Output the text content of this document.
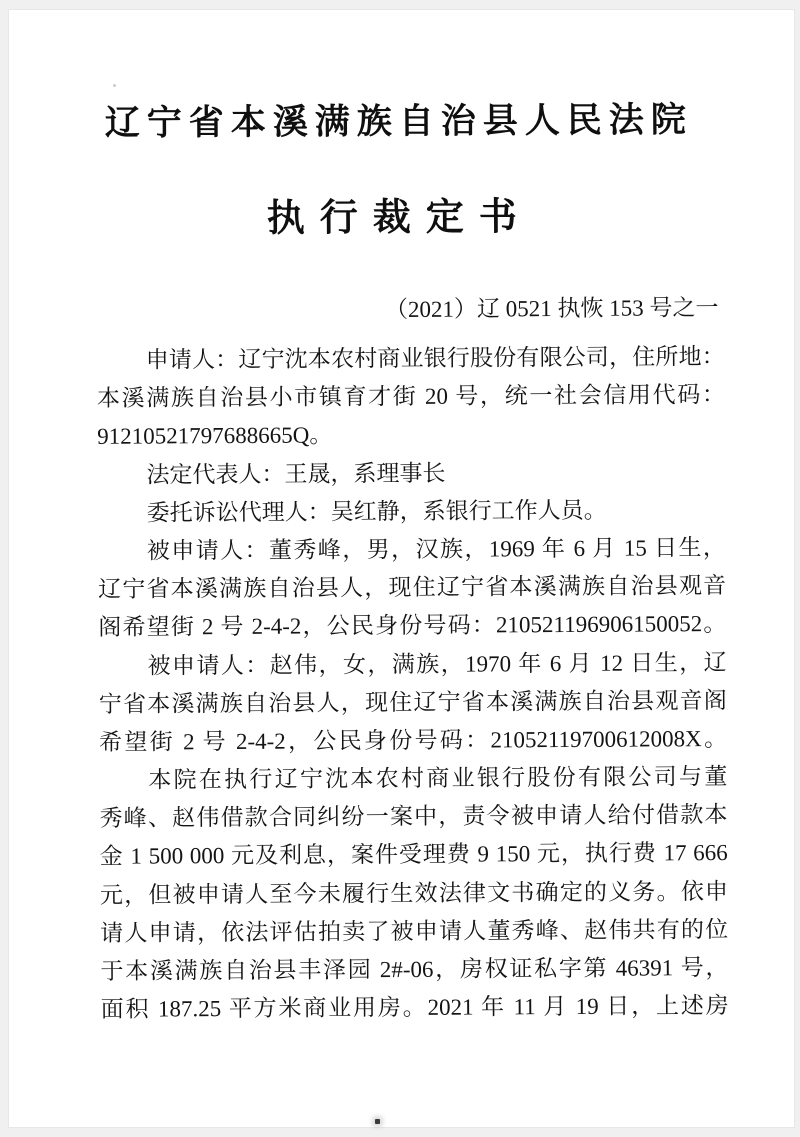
辽宁省本溪满族自治县人民法院
执行裁定书
（2021）辽 0521 执恢 153 号之一
申请人：辽宁沈本农村商业银行股份有限公司，住所地：
本溪满族自治县小市镇育才街 20 号，统一社会信用代码：
91210521797688665Q。
法定代表人：王晟，系理事长
委托诉讼代理人：吴红静，系银行工作人员。
被申请人：董秀峰，男，汉族，1969 年 6 月 15 日生，
辽宁省本溪满族自治县人，现住辽宁省本溪满族自治县观音
阁希望街 2 号 2-4-2，公民身份号码：210521196906150052。
被申请人：赵伟，女，满族，1970 年 6 月 12 日生，辽
宁省本溪满族自治县人，现住辽宁省本溪满族自治县观音阁
希望街 2 号 2-4-2，公民身份号码：21052119700612008X。
本院在执行辽宁沈本农村商业银行股份有限公司与董
秀峰、赵伟借款合同纠纷一案中，责令被申请人给付借款本
金 1 500 000 元及利息，案件受理费 9 150 元，执行费 17 666
元，但被申请人至今未履行生效法律文书确定的义务。依申
请人申请，依法评估拍卖了被申请人董秀峰、赵伟共有的位
于本溪满族自治县丰泽园 2#-06，房权证私字第 46391 号，
面积 187.25 平方米商业用房。2021 年 11 月 19 日，上述房
